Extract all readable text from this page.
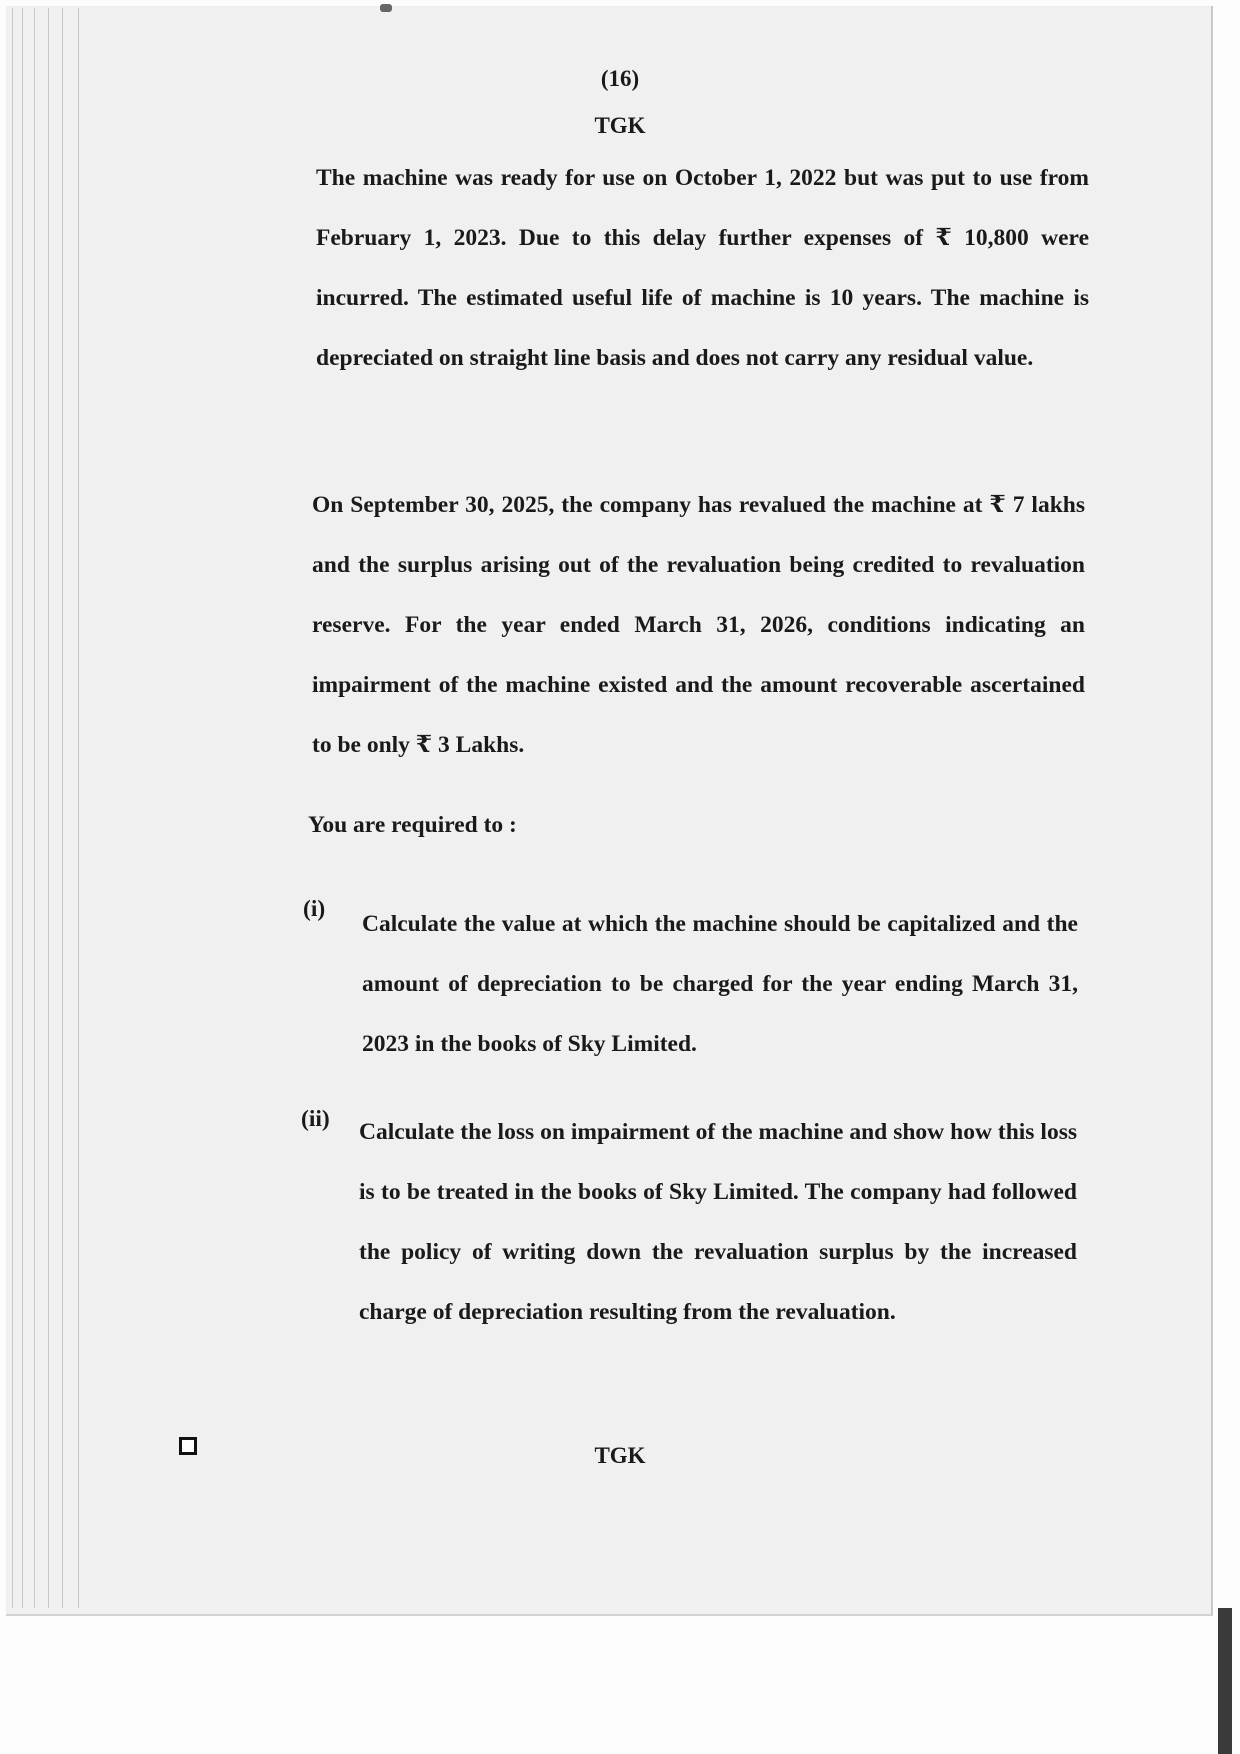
(16)
TGK
The machine was ready for use on October 1, 2022 but was put to use from February 1, 2023. Due to this delay further expenses of ₹ 10,800 were incurred. The estimated useful life of machine is 10 years. The machine is depreciated on straight line basis and does not carry any residual value.
On September 30, 2025, the company has revalued the machine at ₹ 7 lakhs and the surplus arising out of the revaluation being credited to revaluation reserve. For the year ended March 31, 2026, conditions indicating an impairment of the machine existed and the amount recoverable ascertained to be only ₹ 3 Lakhs.
You are required to :
(i)
Calculate the value at which the machine should be capitalized and the amount of depreciation to be charged for the year ending March 31, 2023 in the books of Sky Limited.
(ii) Calculate the loss on impairment of the machine and show how this loss is to be treated in the books of Sky Limited. The company had followed the policy of writing down the revaluation surplus by the increased charge of depreciation resulting from the revaluation.
TGK
